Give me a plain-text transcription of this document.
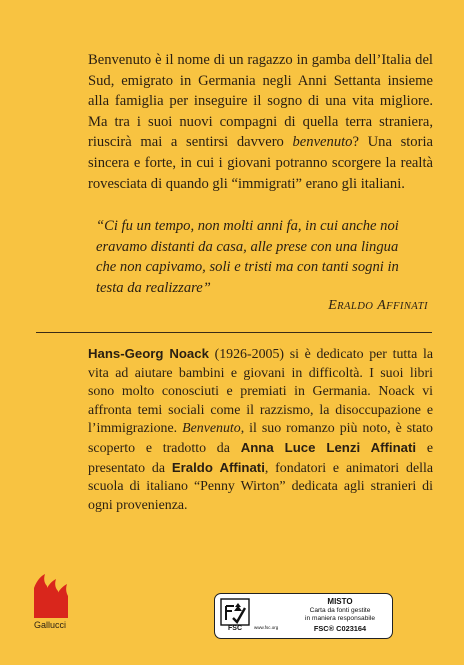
Benvenuto è il nome di un ragazzo in gamba dell’Italia del Sud, emigrato in Germania negli Anni Settanta insieme alla famiglia per inseguire il sogno di una vita migliore. Ma tra i suoi nuovi compagni di quella terra straniera, riuscirà mai a sentirsi davvero benvenuto? Una storia sincera e forte, in cui i giovani potranno scorgere la realtà rovesciata di quando gli “immigrati” erano gli italiani.

“Ci fu un tempo, non molti anni fa, in cui anche noi eravamo distanti da casa, alle prese con una lingua che non capivamo, soli e tristi ma con tanti sogni in testa da realizzare”

ERALDO AFFINATI

Hans-Georg Noack (1926-2005) si è dedicato per tutta la vita ad aiutare bambini e giovani in difficoltà. I suoi libri sono molto conosciuti e premiati in Germania. Noack vi affronta temi sociali come il razzismo, la disoccupazione e l’immigrazione. Benvenuto, il suo romanzo più noto, è stato scoperto e tradotto da Anna Luce Lenzi Affinati e presentato da Eraldo Affinati, fondatori e animatori della scuola di italiano “Penny Wirton” dedicata agli stranieri di ogni provenienza.

Gallucci	FSC	www.fsc.org
MISTO
Carta da fonti gestite
in maniera responsabile
FSC® C023164
